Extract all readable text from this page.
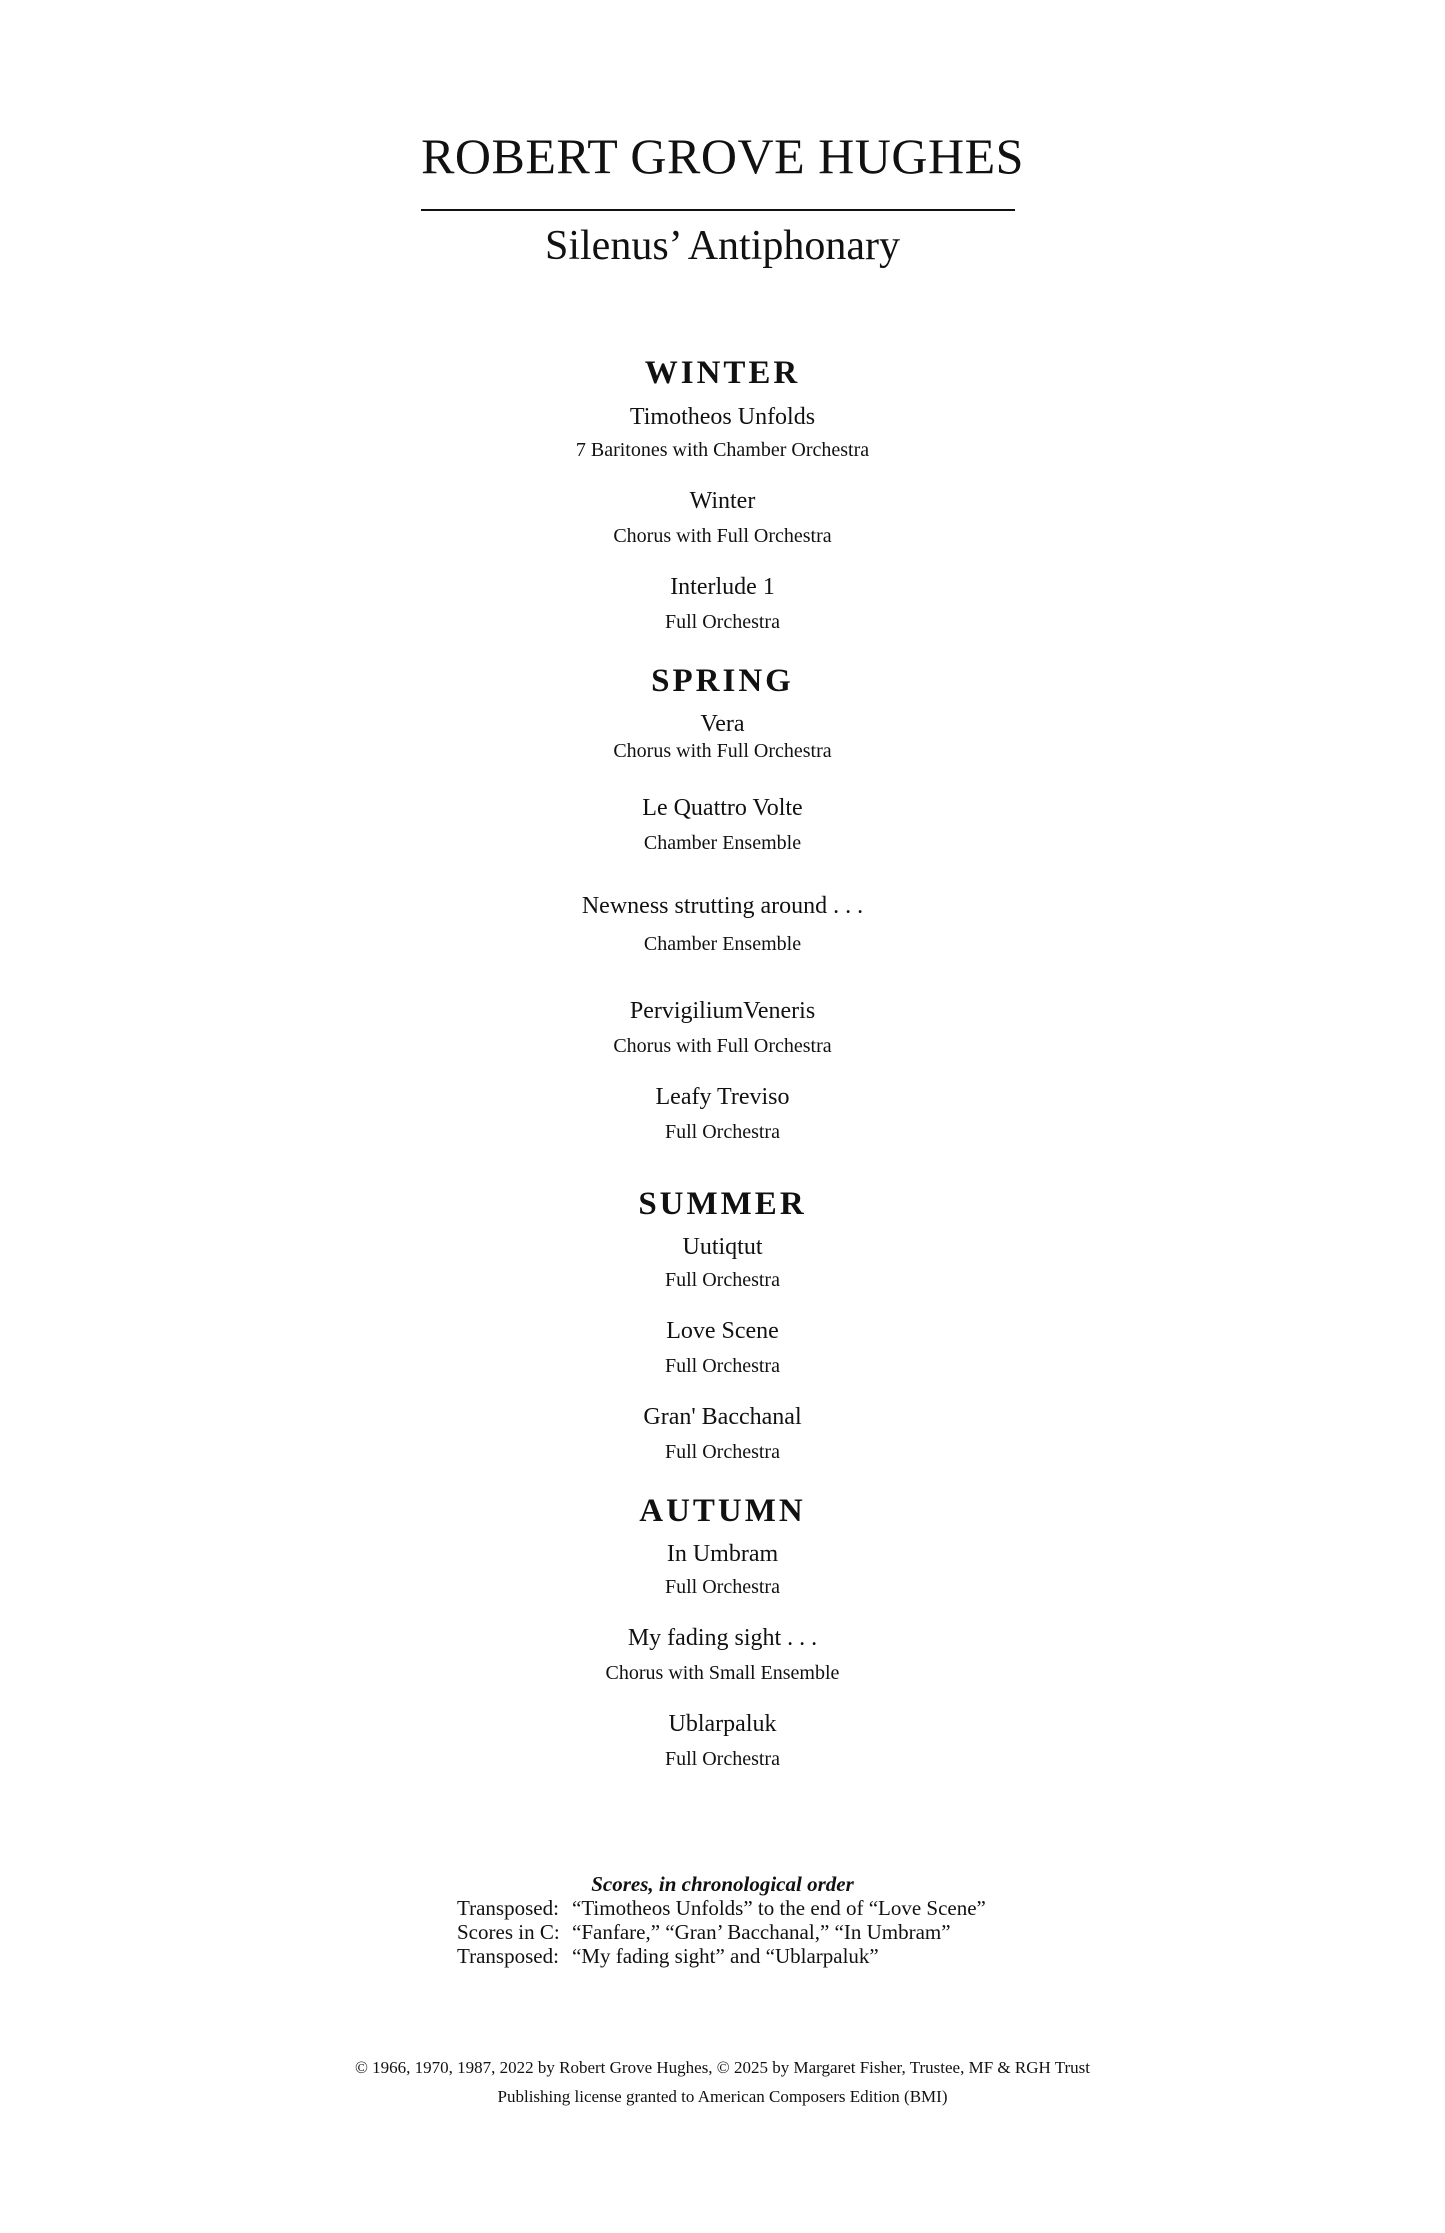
ROBERT GROVE HUGHES
Silenus’ Antiphonary
WINTER
Timotheos Unfolds
7 Baritones with Chamber Orchestra
Winter
Chorus with Full Orchestra
Interlude 1
Full Orchestra
SPRING
Vera
Chorus with Full Orchestra
Le Quattro Volte
Chamber Ensemble
Newness strutting around . . .
Chamber Ensemble
PervigiliumVeneris
Chorus with Full Orchestra
Leafy Treviso
Full Orchestra
SUMMER
Uutiqtut
Full Orchestra
Love Scene
Full Orchestra
Gran' Bacchanal
Full Orchestra
AUTUMN
In Umbram
Full Orchestra
My fading sight . . .
Chorus with Small Ensemble
Ublarpaluk
Full Orchestra
Scores, in chronological order
Transposed: “Timotheos Unfolds” to the end of “Love Scene”
Scores in C: “Fanfare,” “Gran’ Bacchanal,” “In Umbram”
Transposed: “My fading sight” and “Ublarpaluk”
© 1966, 1970, 1987, 2022 by Robert Grove Hughes, © 2025 by Margaret Fisher, Trustee, MF & RGH Trust
Publishing license granted to American Composers Edition (BMI)
